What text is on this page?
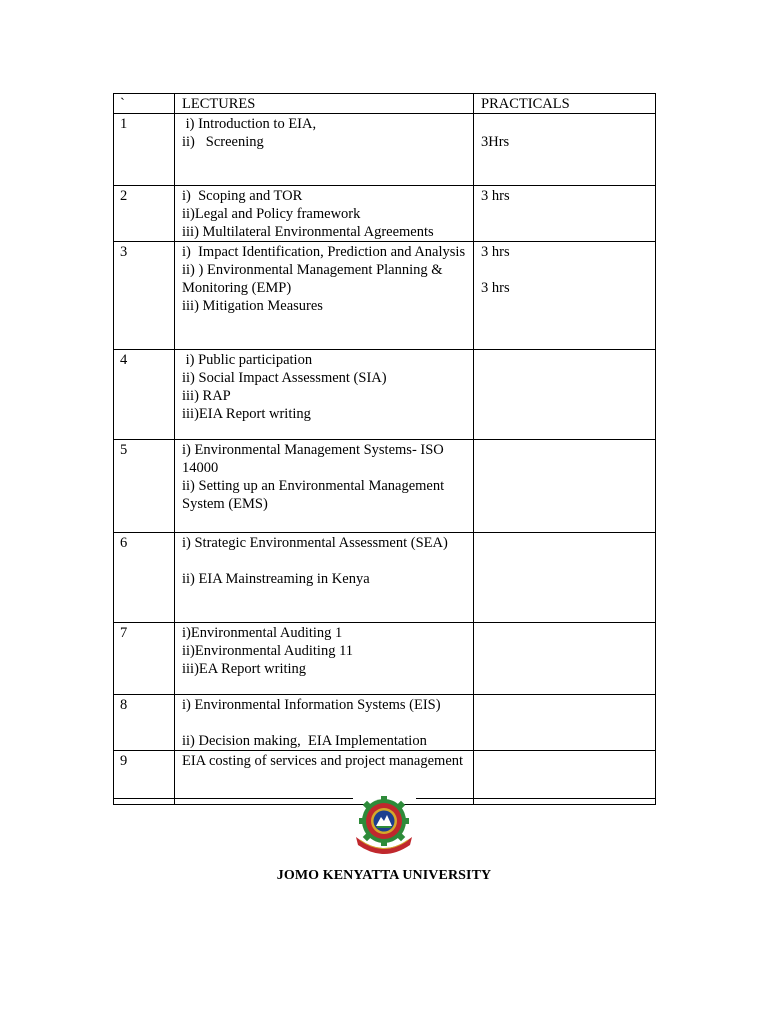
`	LECTURES	PRACTICALS
1	i) Introduction to EIA,
ii)   Screening	3Hrs

2	i)  Scoping and TOR
ii)Legal and Policy framework
iii) Multilateral Environmental Agreements	3 hrs

3	i)  Impact Identification, Prediction and Analysis
ii) ) Environmental Management Planning & Monitoring (EMP)
iii) Mitigation Measures	3 hrs
3 hrs

4	i) Public participation
ii) Social Impact Assessment (SIA)
iii) RAP
iii)EIA Report writing	

5	i) Environmental Management Systems- ISO 14000
ii) Setting up an Environmental Management System (EMS)	

6	i) Strategic Environmental Assessment (SEA)
ii) EIA Mainstreaming in Kenya	

7	i)Environmental Auditing 1
ii)Environmental Auditing 11
iii)EA Report writing	

8	i) Environmental Information Systems (EIS)
ii) Decision making,  EIA Implementation	

9	EIA costing of services and project management	

JOMO KENYATTA UNIVERSITY
